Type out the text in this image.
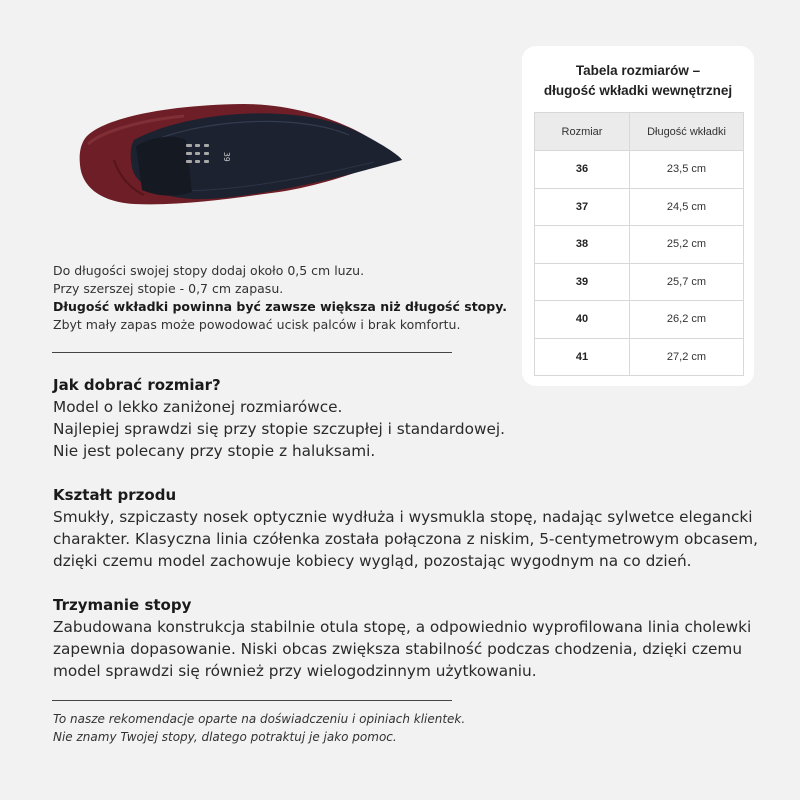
39

Do długości swojej stopy dodaj około 0,5 cm luzu.

Przy szerszej stopie - 0,7 cm zapasu.

Długość wkładki powinna być zawsze większa niż długość stopy.

Zbyt mały zapas może powodować ucisk palców i brak komfortu.

Jak dobrać rozmiar?

Model o lekko zaniżonej rozmiarówce.

Najlepiej sprawdzi się przy stopie szczupłej i standardowej.

Nie jest polecany przy stopie z haluksami.

Kształt przodu

Smukły, szpiczasty nosek optycznie wydłuża i wysmukla stopę, nadając sylwetce elegancki

charakter. Klasyczna linia czółenka została połączona z niskim, 5-centymetrowym obcasem,

dzięki czemu model zachowuje kobiecy wygląd, pozostając wygodnym na co dzień.

Trzymanie stopy

Zabudowana konstrukcja stabilnie otula stopę, a odpowiednio wyprofilowana linia cholewki

zapewnia dopasowanie. Niski obcas zwiększa stabilność podczas chodzenia, dzięki czemu

model sprawdzi się również przy wielogodzinnym użytkowaniu.

To nasze rekomendacje oparte na doświadczeniu i opiniach klientek.

Nie znamy Twojej stopy, dlatego potraktuj je jako pomoc.

Tabela rozmiarów –
długość wkładki wewnętrznej
Rozmiar	Długość wkładki
36	23,5 cm
37	24,5 cm
38	25,2 cm
39	25,7 cm
40	26,2 cm
41	27,2 cm
